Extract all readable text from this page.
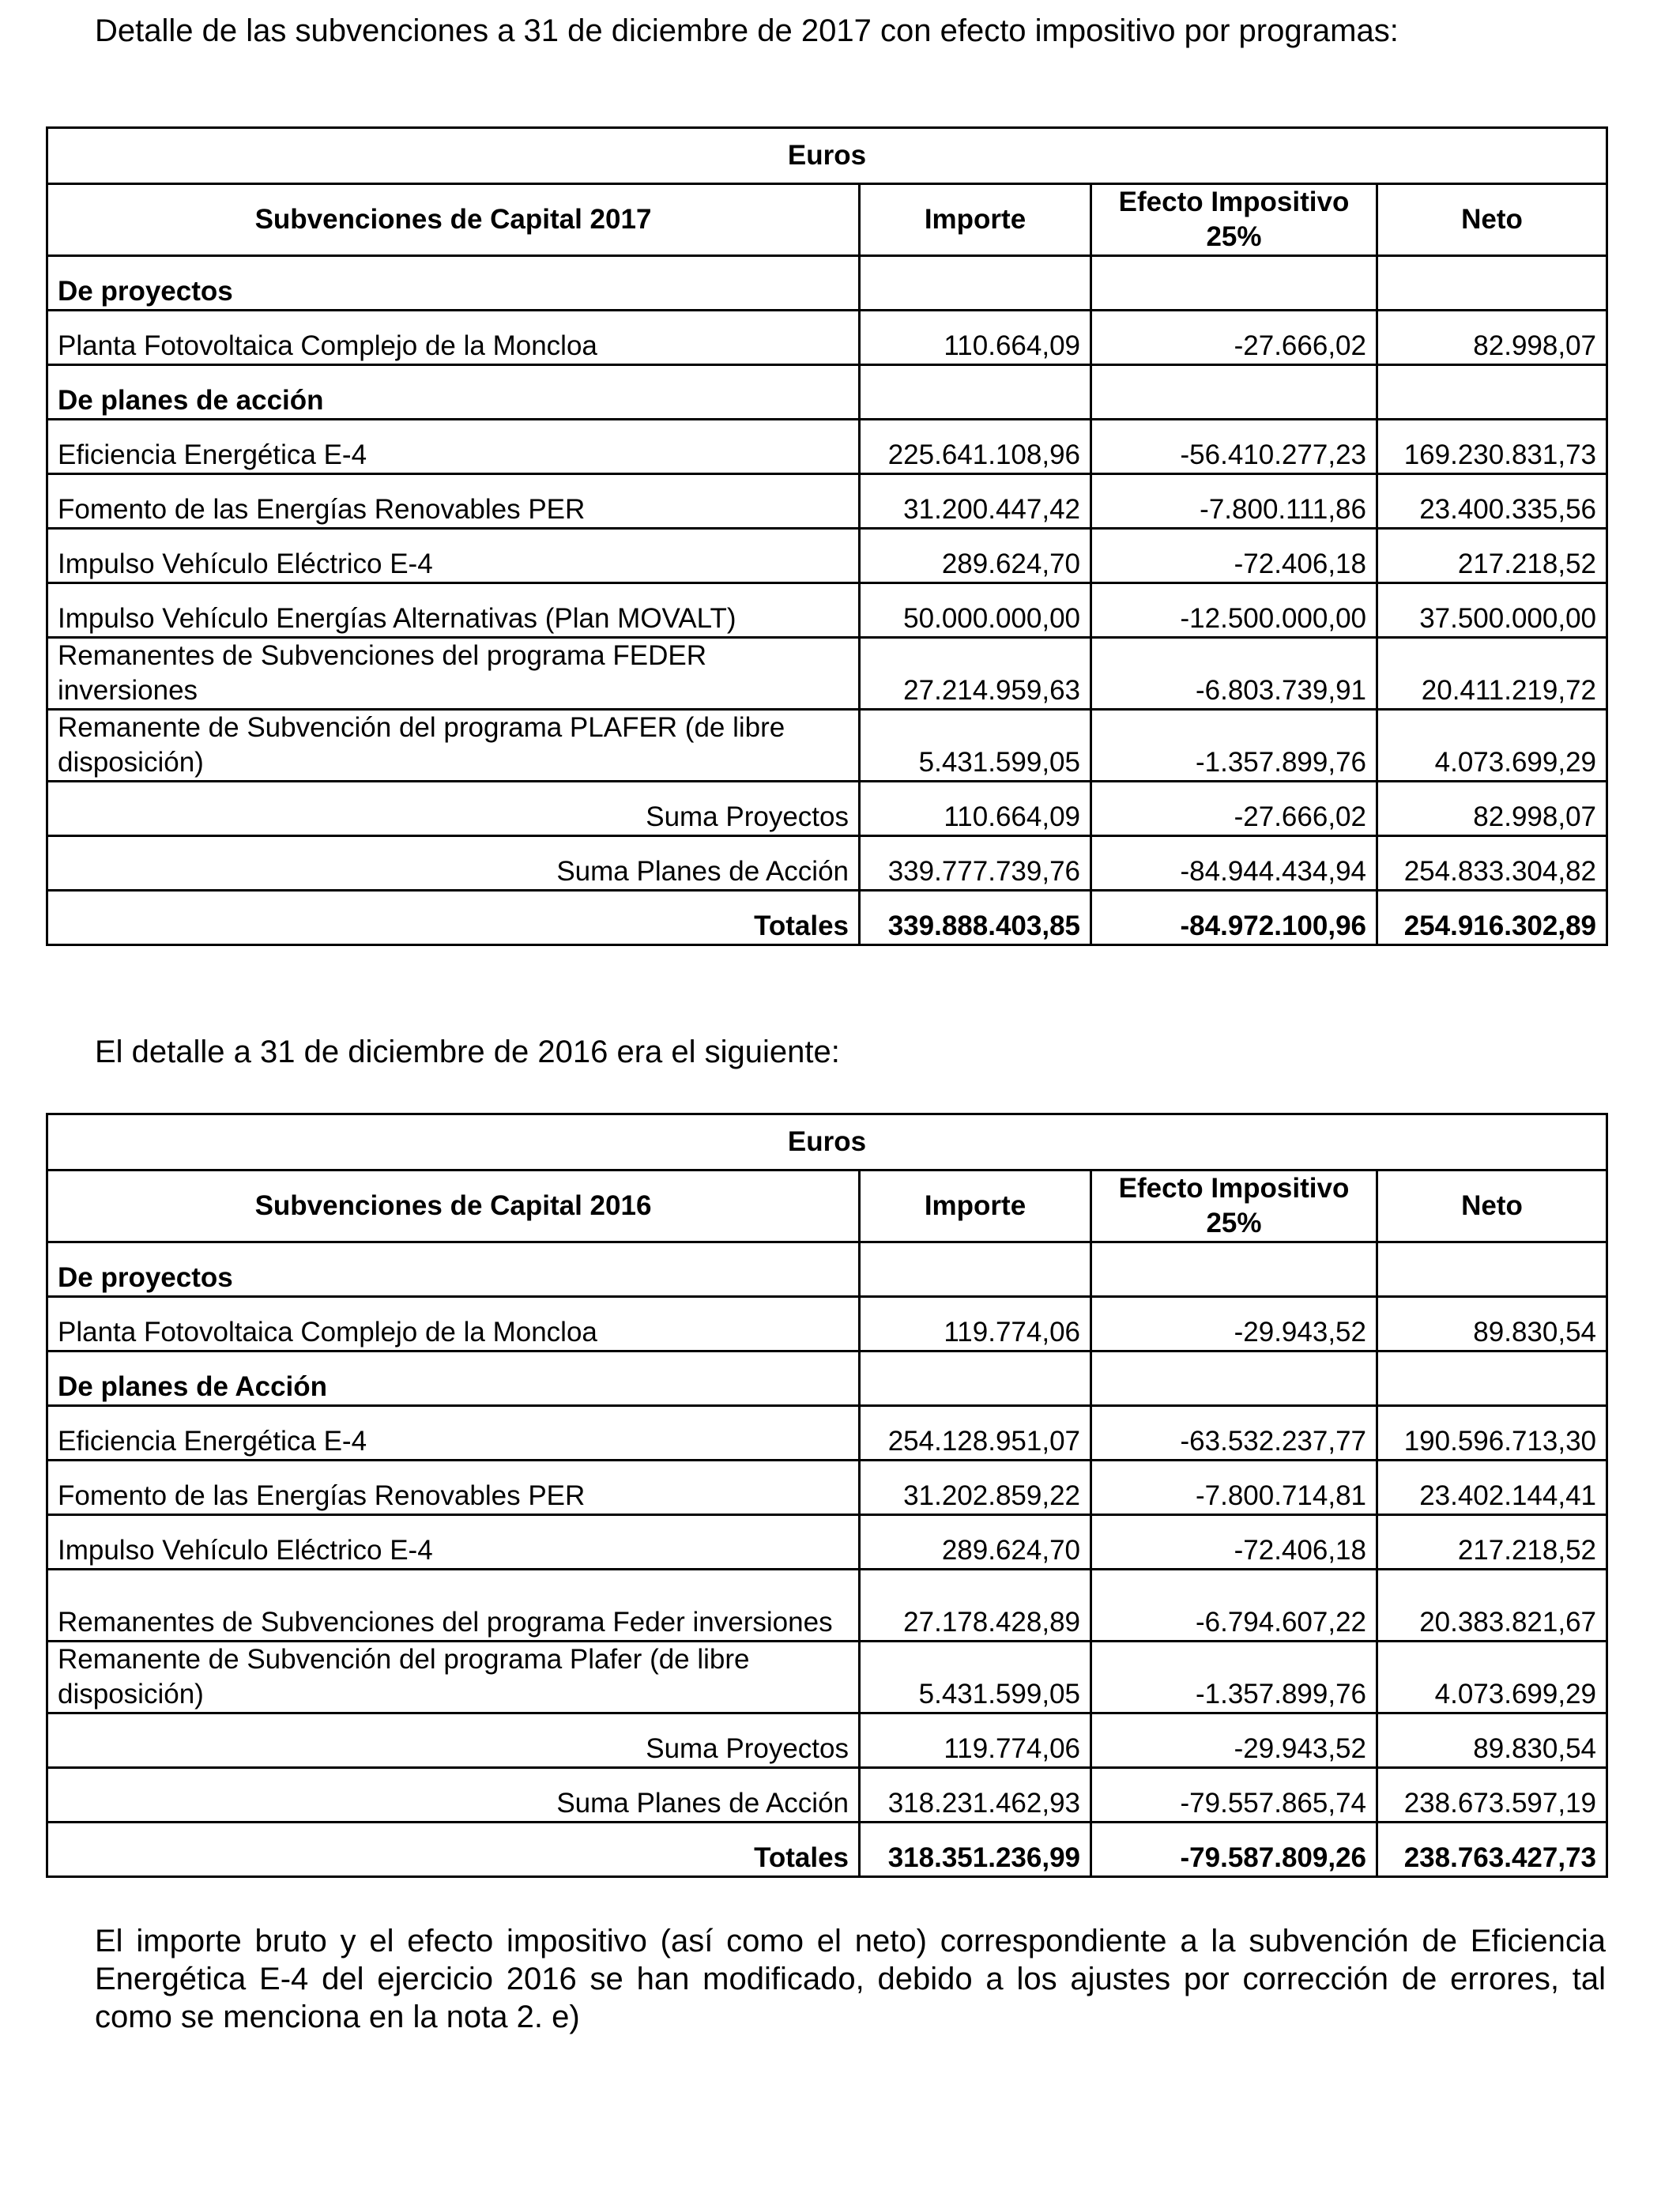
Detalle de las subvenciones a 31 de diciembre de 2017 con efecto impositivo por programas:

Euros			
Subvenciones de Capital 2017	Importe	Efecto Impositivo 25%	Neto
De proyectos			
Planta Fotovoltaica Complejo de la Moncloa	110.664,09	-27.666,02	82.998,07
De planes de acción			
Eficiencia Energética E-4	225.641.108,96	-56.410.277,23	169.230.831,73
Fomento de las Energías Renovables PER	31.200.447,42	-7.800.111,86	23.400.335,56
Impulso Vehículo Eléctrico E-4	289.624,70	-72.406,18	217.218,52
Impulso Vehículo Energías Alternativas (Plan MOVALT)	50.000.000,00	-12.500.000,00	37.500.000,00
Remanentes de Subvenciones del programa FEDER inversiones	27.214.959,63	-6.803.739,91	20.411.219,72
Remanente de Subvención del programa PLAFER (de libre disposición)	5.431.599,05	-1.357.899,76	4.073.699,29
Suma Proyectos	110.664,09	-27.666,02	82.998,07
Suma Planes de Acción	339.777.739,76	-84.944.434,94	254.833.304,82
Totales	339.888.403,85	-84.972.100,96	254.916.302,89

El detalle a 31 de diciembre de 2016 era el siguiente:

Euros			
Subvenciones de Capital 2016	Importe	Efecto Impositivo 25%	Neto
De proyectos			
Planta Fotovoltaica Complejo de la Moncloa	119.774,06	-29.943,52	89.830,54
De planes de Acción			
Eficiencia Energética E-4	254.128.951,07	-63.532.237,77	190.596.713,30
Fomento de las Energías Renovables PER	31.202.859,22	-7.800.714,81	23.402.144,41
Impulso Vehículo Eléctrico E-4	289.624,70	-72.406,18	217.218,52
Remanentes de Subvenciones del programa Feder inversiones	27.178.428,89	-6.794.607,22	20.383.821,67
Remanente de Subvención del programa Plafer (de libre disposición)	5.431.599,05	-1.357.899,76	4.073.699,29
Suma Proyectos	119.774,06	-29.943,52	89.830,54
Suma Planes de Acción	318.231.462,93	-79.557.865,74	238.673.597,19
Totales	318.351.236,99	-79.587.809,26	238.763.427,73

El importe bruto y el efecto impositivo (así como el neto) correspondiente a la subvención de Eficiencia Energética E-4 del ejercicio 2016 se han modificado, debido a los ajustes por corrección de errores, tal como se menciona en la nota 2. e)
